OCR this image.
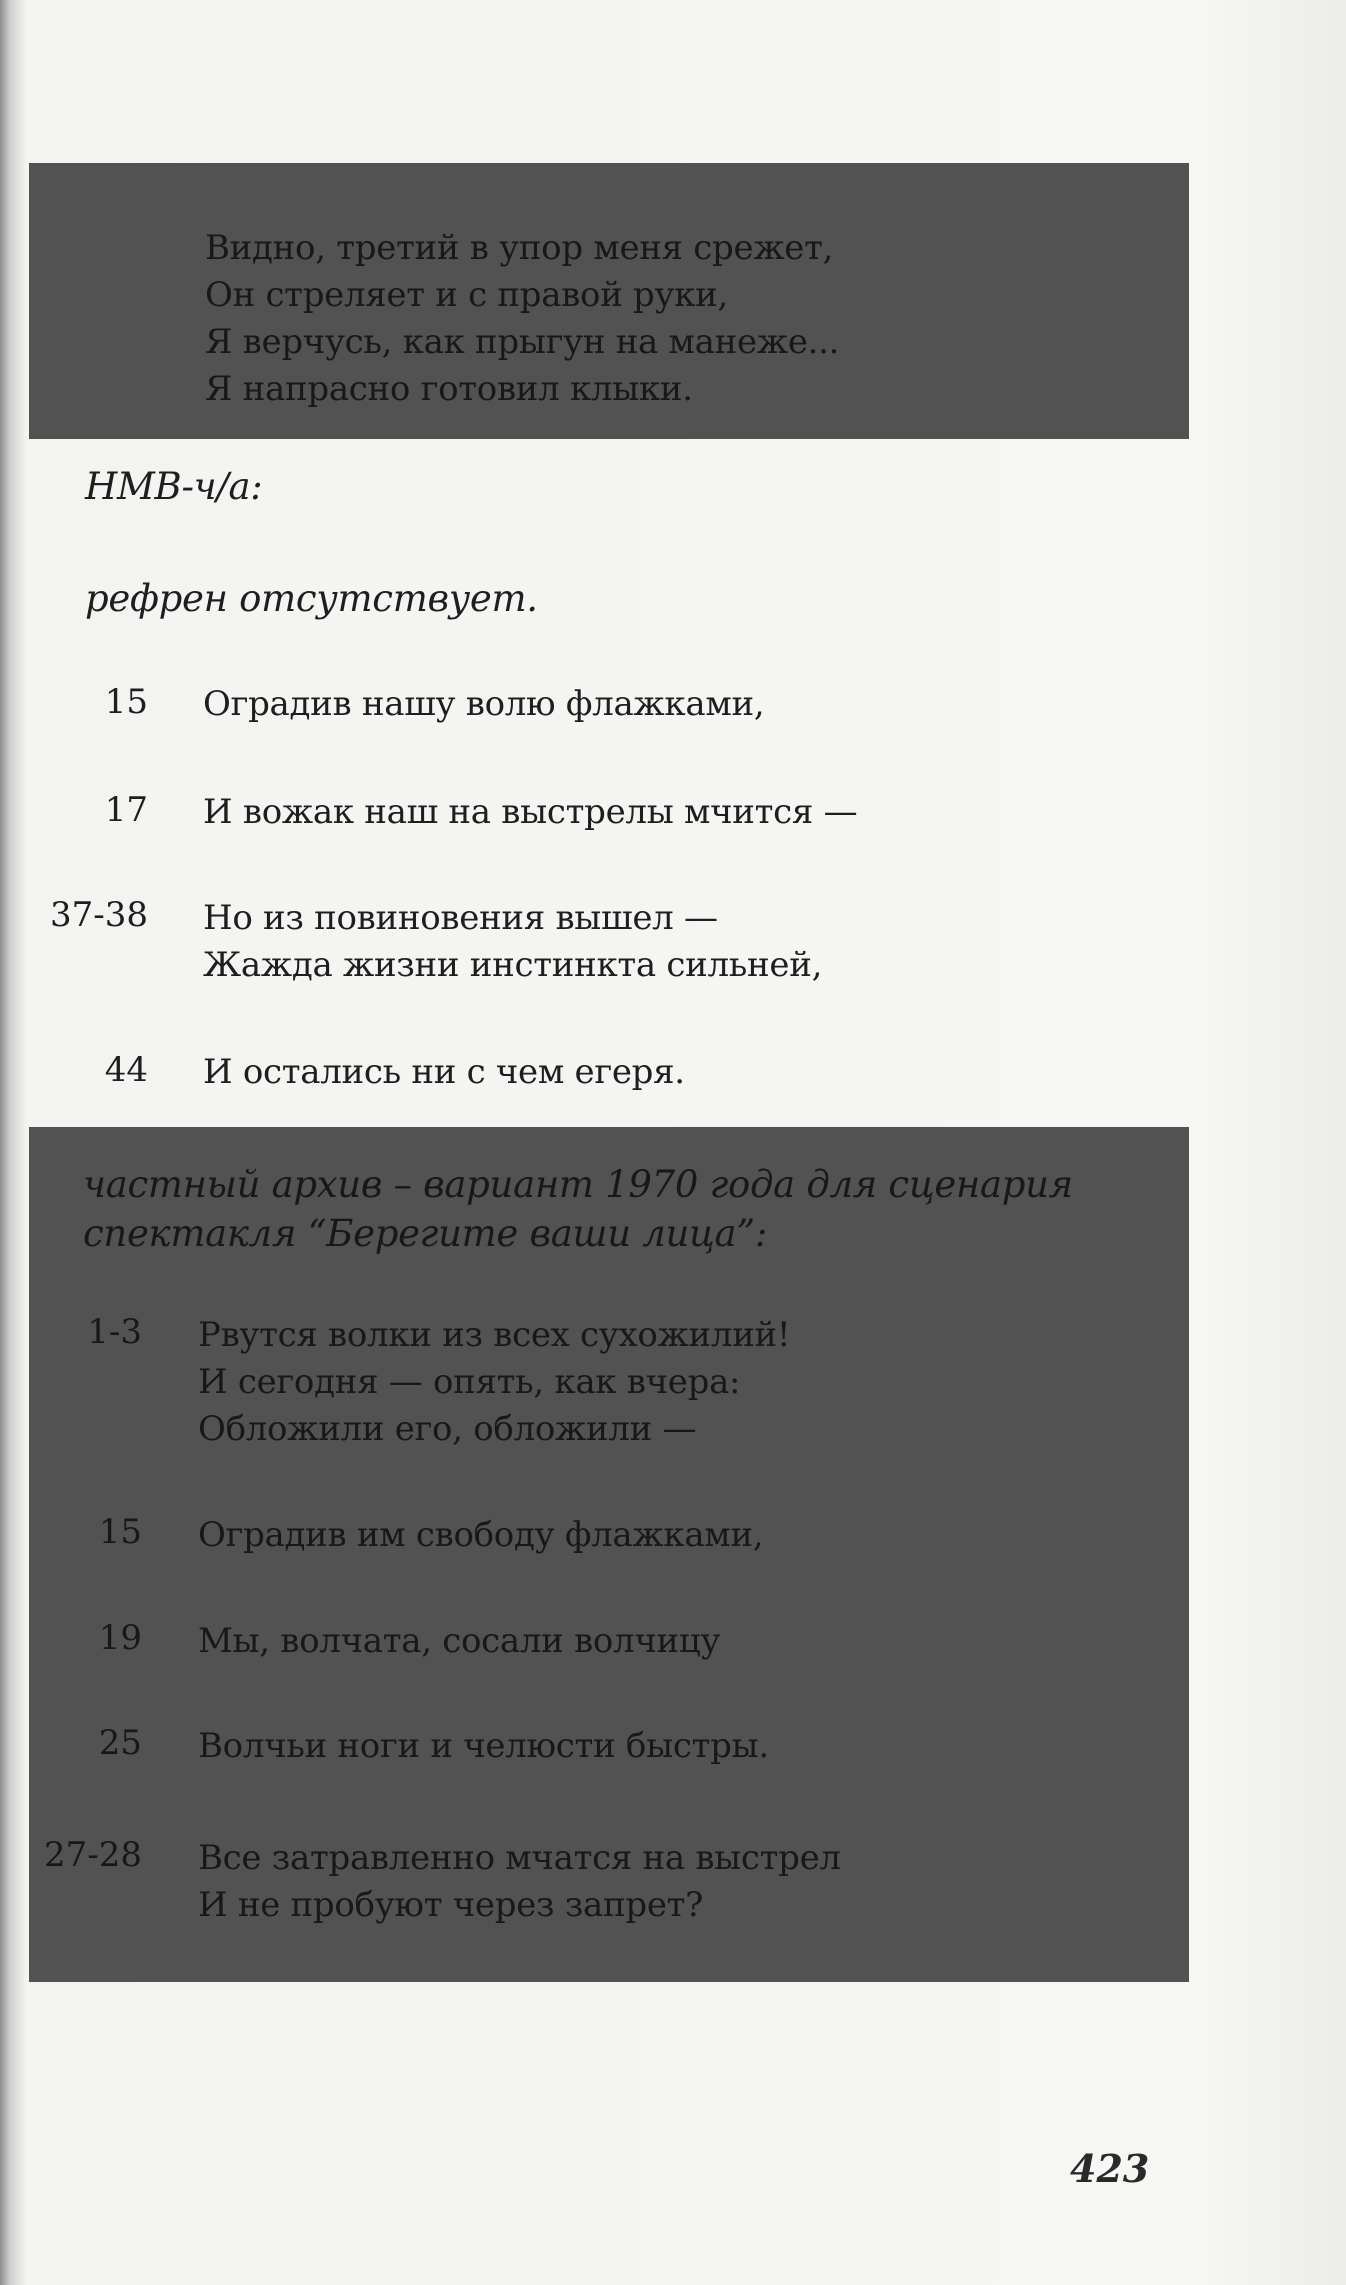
Видно, третий в упор меня срежет,
Он стреляет и с правой руки,
Я верчусь, как прыгун на манеже...
Я напрасно готовил клыки.
НМВ-ч/а:
рефрен отсутствует.
15 Оградив нашу волю флажками,
17 И вожак наш на выстрелы мчится —
37-38 Но из повиновения вышел —
Жажда жизни инстинкта сильней,
44 И остались ни с чем егеря.
частный архив – вариант 1970 года для сценария
спектакля “Берегите ваши лица”:
1-3 Рвутся волки из всех сухожилий!
И сегодня — опять, как вчера:
Обложили его, обложили —
15 Оградив им свободу флажками,
19 Мы, волчата, сосали волчицу
25 Волчьи ноги и челюсти быстры.
27-28 Все затравленно мчатся на выстрел
И не пробуют через запрет?
423
